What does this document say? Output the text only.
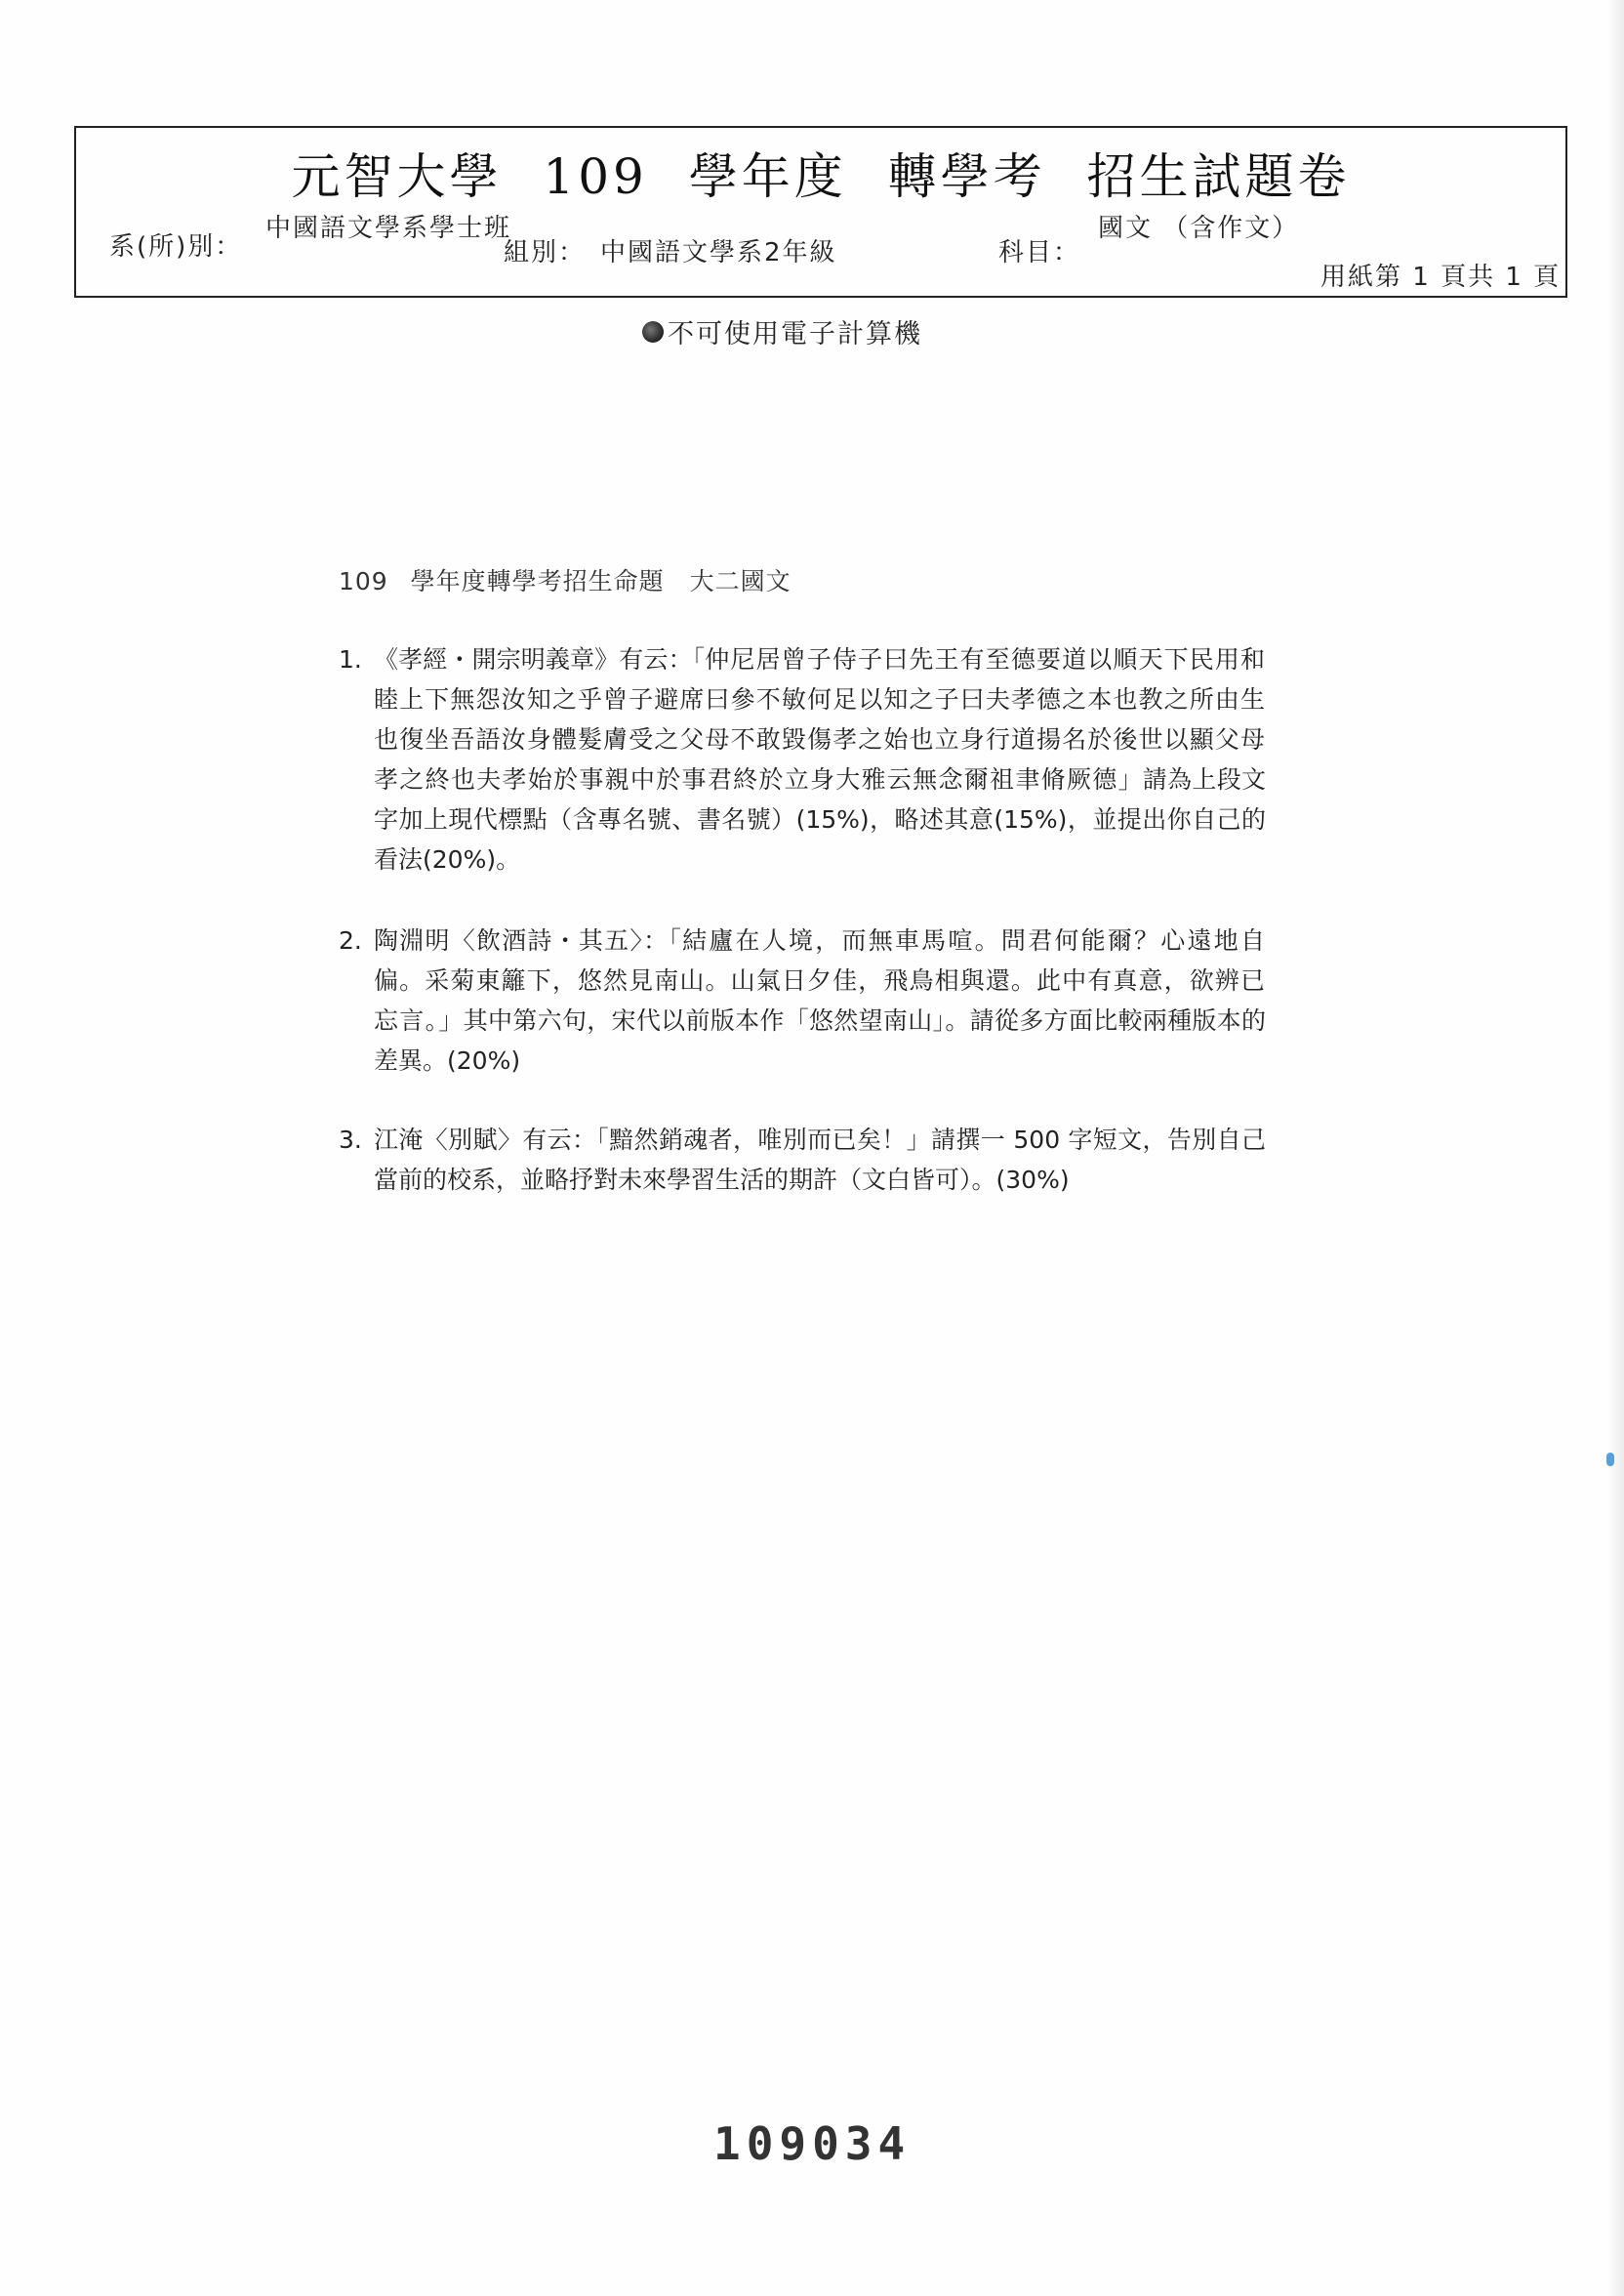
元智大學 109 學年度 轉學考 招生試題卷
系(所)別：
中國語文學系學士班
組別： 中國語文學系2年級	科目：
國文 （含作文）
用紙第 1 頁共 1 頁
不可使用電子計算機
109 學年度轉學考招生命題　大二國文
1. 《孝經・開宗明義章》有云：「仲尼居曾子侍子曰先王有至德要道以順天下民用和睦上下無怨汝知之乎曾子避席曰參不敏何足以知之子曰夫孝德之本也教之所由生也復坐吾語汝身體髮膚受之父母不敢毀傷孝之始也立身行道揚名於後世以顯父母孝之終也夫孝始於事親中於事君終於立身大雅云無念爾祖聿脩厥德」請為上段文字加上現代標點（含專名號、書名號）(15%)，略述其意(15%)，並提出你自己的看法(20%)。
2. 陶淵明〈飲酒詩・其五〉：「結廬在人境，而無車馬喧。問君何能爾？心遠地自偏。采菊東籬下，悠然見南山。山氣日夕佳，飛鳥相與還。此中有真意，欲辨已忘言。」其中第六句，宋代以前版本作「悠然望南山」。請從多方面比較兩種版本的差異。(20%)
3. 江淹〈別賦〉有云：「黯然銷魂者，唯別而已矣！」請撰一 500 字短文，告別自己當前的校系，並略抒對未來學習生活的期許（文白皆可）。(30%)
109034
